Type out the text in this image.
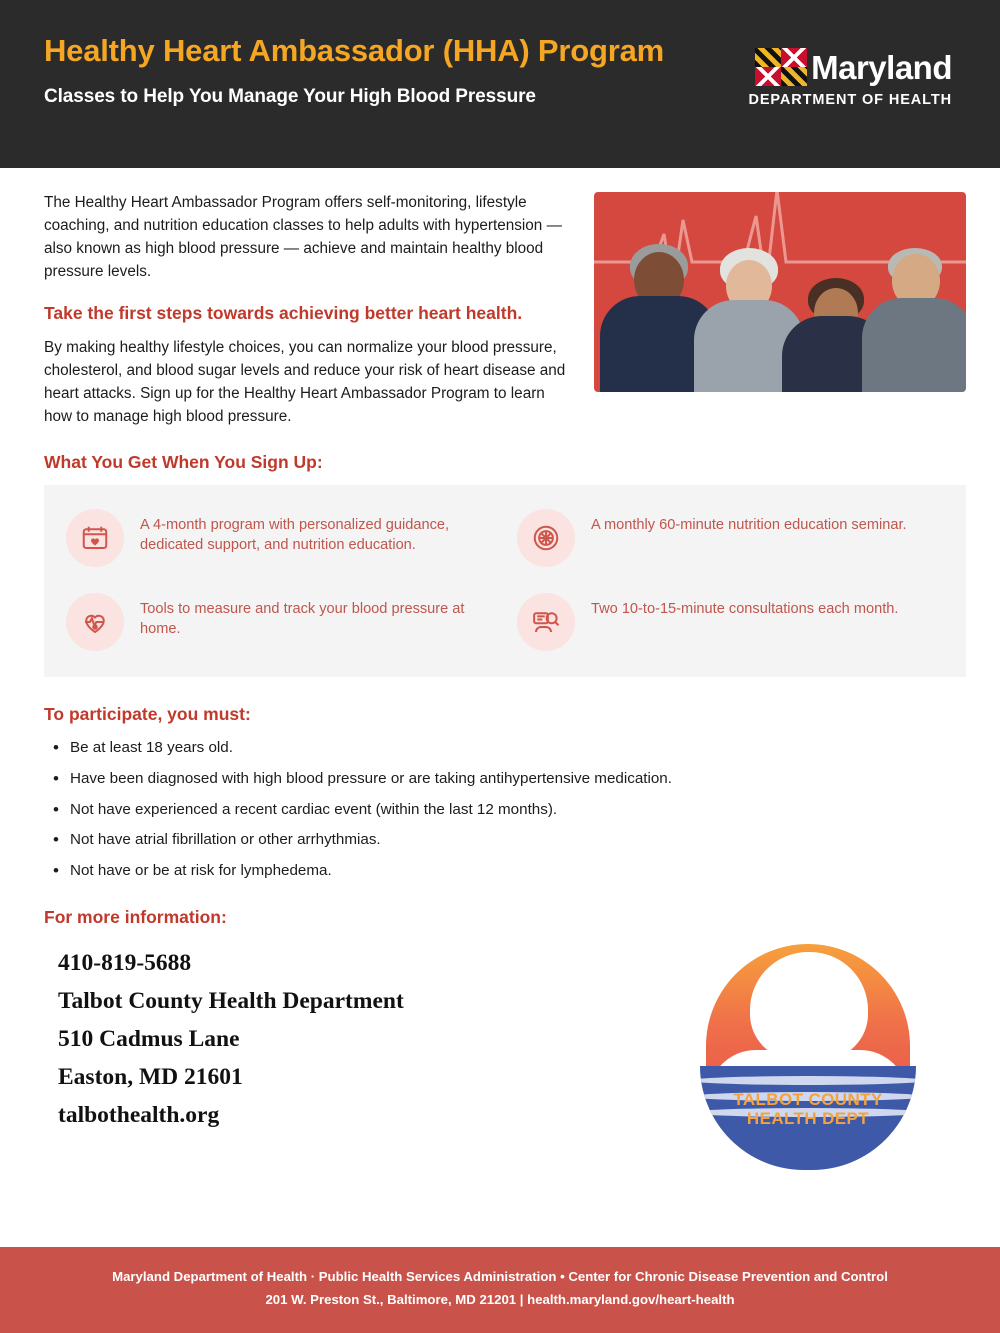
Healthy Heart Ambassador (HHA) Program
Classes to Help You Manage Your High Blood Pressure
Maryland
DEPARTMENT OF HEALTH

The Healthy Heart Ambassador Program offers self-monitoring, lifestyle coaching, and nutrition education classes to help adults with hypertension — also known as high blood pressure — achieve and maintain healthy blood pressure levels.

Take the first steps towards achieving better heart health.

By making healthy lifestyle choices, you can normalize your blood pressure, cholesterol, and blood sugar levels and reduce your risk of heart disease and heart attacks. Sign up for the Healthy Heart Ambassador Program to learn how to manage high blood pressure.

What You Get When You Sign Up:
A 4-month program with personalized guidance, dedicated support, and nutrition education.
A monthly 60-minute nutrition education seminar.
Tools to measure and track your blood pressure at home.
Two 10-to-15-minute consultations each month.
To participate, you must:
• Be at least 18 years old.
• Have been diagnosed with high blood pressure or are taking antihypertensive medication.
• Not have experienced a recent cardiac event (within the last 12 months).
• Not have atrial fibrillation or other arrhythmias.
• Not have or be at risk for lymphedema.
For more information:
410-819-5688
Talbot County Health Department
510 Cadmus Lane
Easton, MD 21601
talbothealth.org
TALBOT COUNTY
HEALTH DEPT
Maryland Department of Health · Public Health Services Administration • Center for Chronic Disease Prevention and Control
201 W. Preston St., Baltimore, MD 21201 | health.maryland.gov/heart-health
